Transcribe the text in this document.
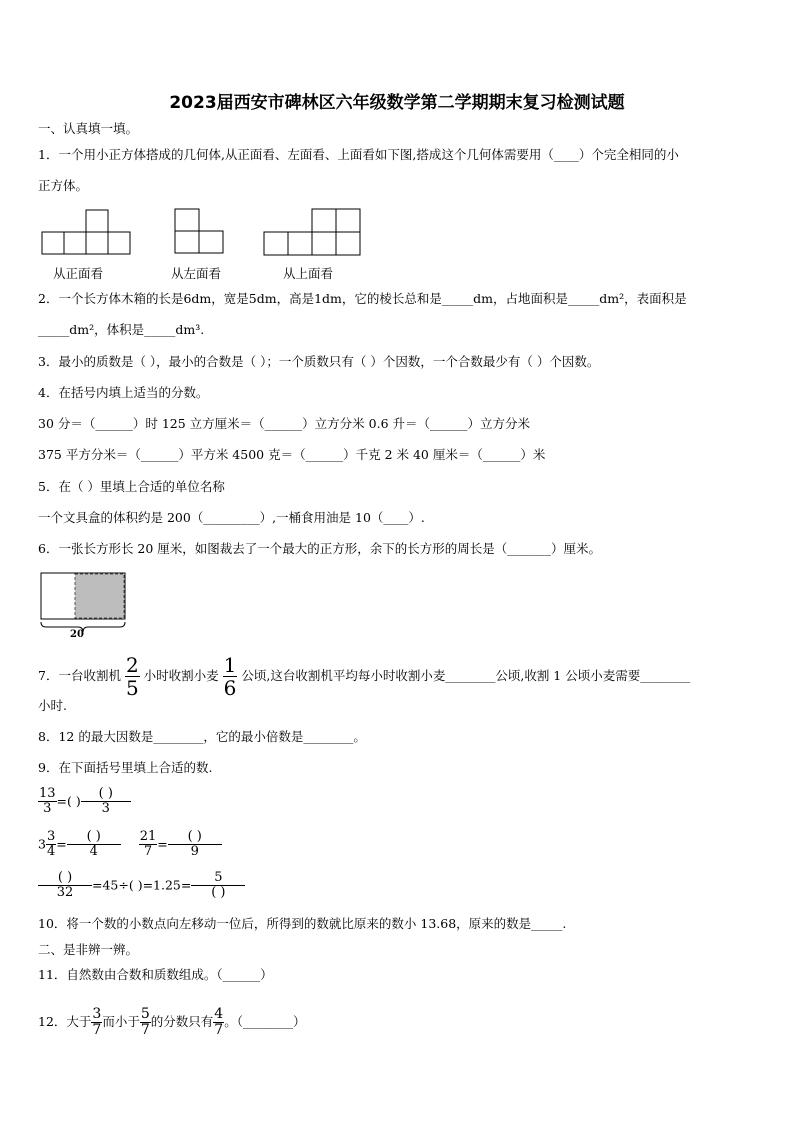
2023届西安市碑林区六年级数学第二学期期末复习检测试题
一、认真填一填。
1．一个用小正方体搭成的几何体,从正面看、左面看、上面看如下图,搭成这个几何体需要用（____）个完全相同的小
正方体。
从正面看	从左面看	从上面看
2．一个长方体木箱的长是6dm，宽是5dm，高是1dm，它的棱长总和是_____dm，占地面积是_____dm²，表面积是
_____dm²，体积是_____dm³.
3．最小的质数是（ ），最小的合数是（ ）；一个质数只有（ ）个因数，一个合数最少有（ ）个因数。
4．在括号内填上适当的分数。
30 分＝（______）时 125 立方厘米＝（______）立方分米 0.6 升＝（______）立方分米
375 平方分米＝（______）平方米 4500 克＝（______）千克 2 米 40 厘米＝（______）米
5．在（ ）里填上合适的单位名称
一个文具盒的体积约是 200（_________）,一桶食用油是 10（____）.
6．一张长方形长 20 厘米，如图裁去了一个最大的正方形，余下的长方形的周长是（_______）厘米。
20
7．一台收割机 $\frac{2}{5}$ 小时收割小麦 $\frac{1}{6}$ 公顷,这台收割机平均每小时收割小麦________公顷,收割 1 公顷小麦需要________
小时.
8．12 的最大因数是________，它的最小倍数是________。
9．在下面括号里填上合适的数.
$\frac{13}{3}$ =( ) $\frac{( )}{3}$
$3 \frac{3}{4} = \frac{( )}{4}$
$\frac{21}{7} = \frac{( )}{9}$
$\frac{( )}{32} =45\div$( )$=1.25= \frac{5}{( )}$
10．将一个数的小数点向左移动一位后，所得到的数就比原来的数小 13.68，原来的数是_____.
二、是非辨一辨。
11．自然数由合数和质数组成。（______）
12．大于 $\frac{3}{7}$ 而小于 $\frac{5}{7}$ 的分数只有 $\frac{4}{7}$ 。（________）
